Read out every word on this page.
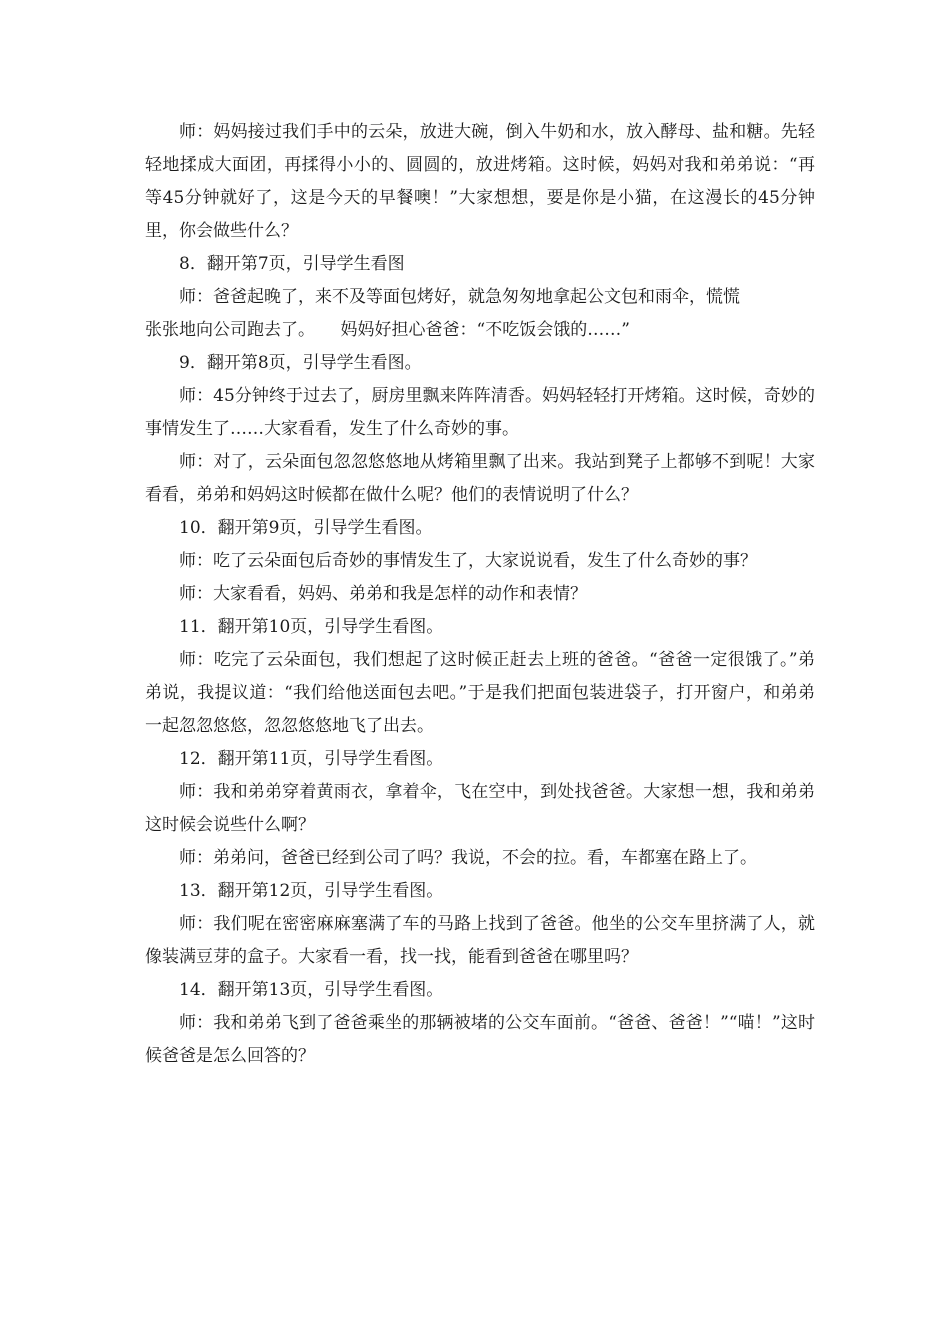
师：妈妈接过我们手中的云朵，放进大碗，倒入牛奶和水，放入酵母、盐和糖。先轻轻地揉成大面团，再揉得小小的、圆圆的，放进烤箱。这时候，妈妈对我和弟弟说：“再等45分钟就好了，这是今天的早餐噢！”大家想想，要是你是小猫，在这漫长的45分钟里，你会做些什么？

8．翻开第7页，引导学生看图

师：爸爸起晚了，来不及等面包烤好，就急匆匆地拿起公文包和雨伞，慌慌

张张地向公司跑去了。　　妈妈好担心爸爸：“不吃饭会饿的……”

9．翻开第8页，引导学生看图。

师：45分钟终于过去了，厨房里飘来阵阵清香。妈妈轻轻打开烤箱。这时候，奇妙的事情发生了……大家看看，发生了什么奇妙的事。

师：对了，云朵面包忽忽悠悠地从烤箱里飘了出来。我站到凳子上都够不到呢！大家看看，弟弟和妈妈这时候都在做什么呢？他们的表情说明了什么？

10．翻开第9页，引导学生看图。

师：吃了云朵面包后奇妙的事情发生了，大家说说看，发生了什么奇妙的事？

师：大家看看，妈妈、弟弟和我是怎样的动作和表情？

11．翻开第10页，引导学生看图。

师：吃完了云朵面包，我们想起了这时候正赶去上班的爸爸。“爸爸一定很饿了。”弟弟说，我提议道：“我们给他送面包去吧。”于是我们把面包装进袋子，打开窗户，和弟弟一起忽忽悠悠，忽忽悠悠地飞了出去。

12．翻开第11页，引导学生看图。

师：我和弟弟穿着黄雨衣，拿着伞，飞在空中，到处找爸爸。大家想一想，我和弟弟这时候会说些什么啊？

师：弟弟问，爸爸已经到公司了吗？我说，不会的拉。看，车都塞在路上了。

13．翻开第12页，引导学生看图。

师：我们呢在密密麻麻塞满了车的马路上找到了爸爸。他坐的公交车里挤满了人，就像装满豆芽的盒子。大家看一看，找一找，能看到爸爸在哪里吗？

14．翻开第13页，引导学生看图。

师：我和弟弟飞到了爸爸乘坐的那辆被堵的公交车面前。“爸爸、爸爸！”“喵！”这时候爸爸是怎么回答的？
